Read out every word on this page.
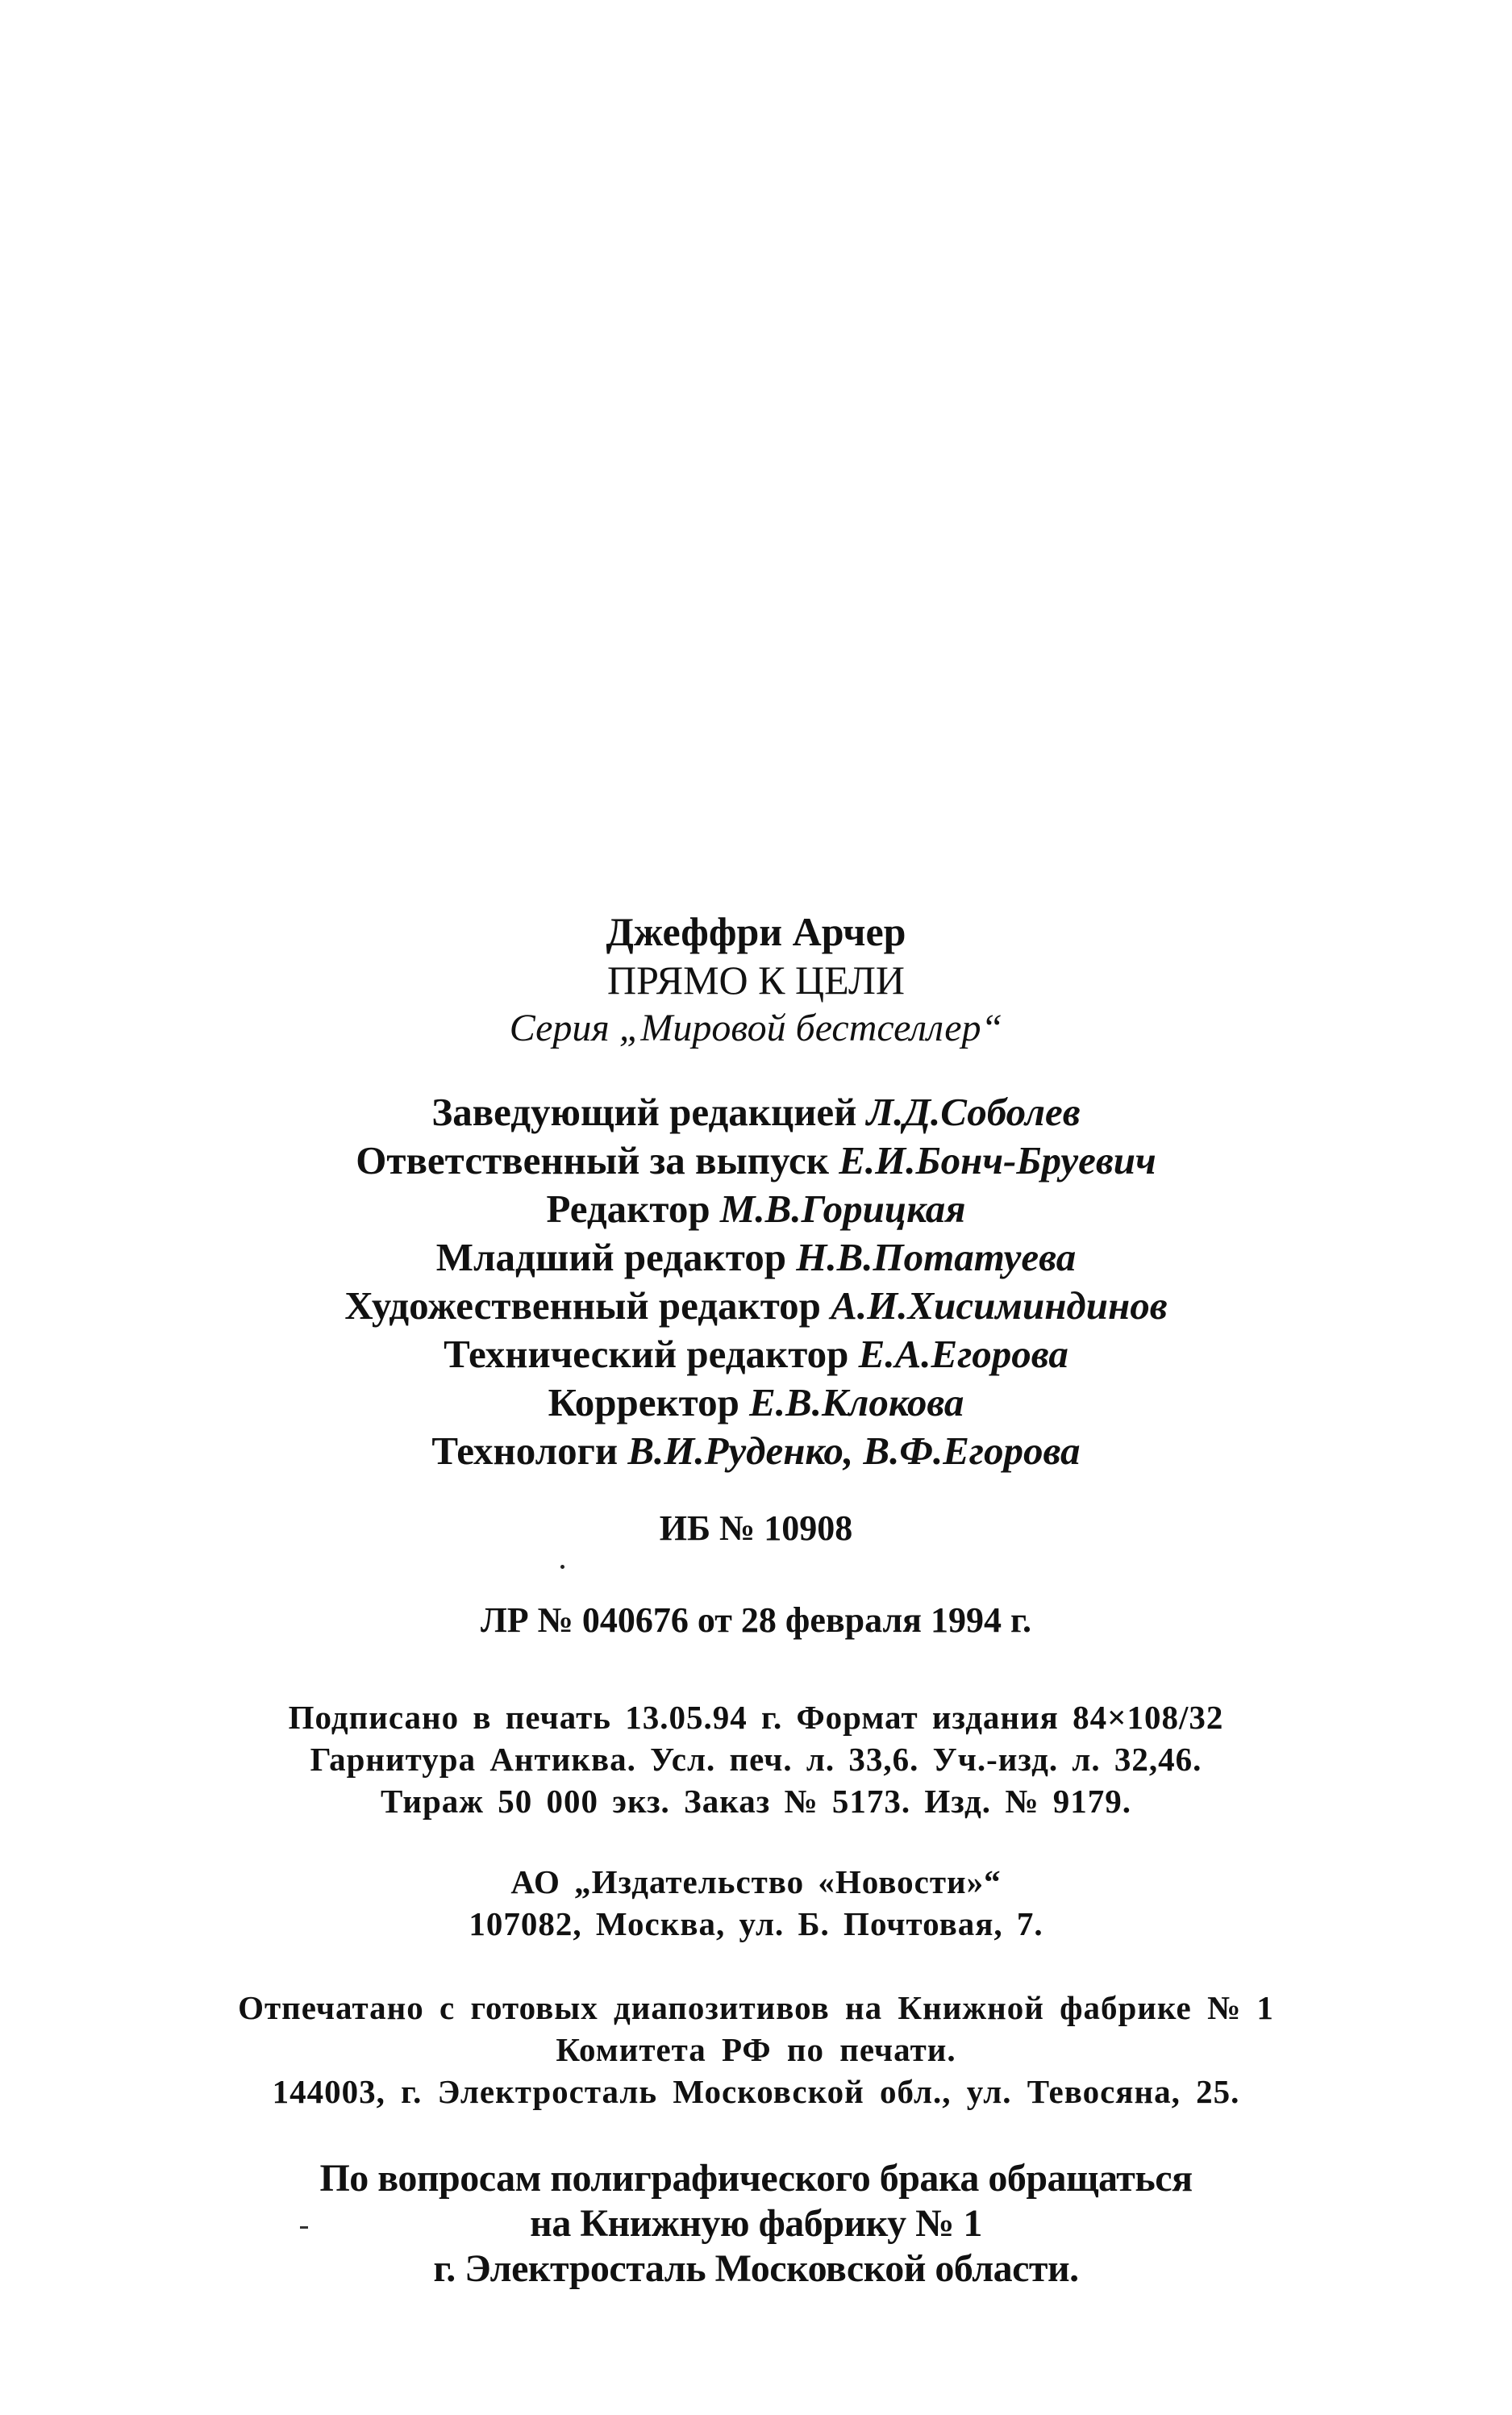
Джеффри Арчер
ПРЯМО К ЦЕЛИ
Серия „Мировой бестселлер“
Заведующий редакцией Л.Д.Соболев
Ответственный за выпуск Е.И.Бонч-Бруевич
Редактор М.В.Горицкая
Младший редактор Н.В.Потатуева
Художественный редактор А.И.Хисиминдинов
Технический редактор Е.А.Егорова
Корректор Е.В.Клокова
Технологи В.И.Руденко, В.Ф.Егорова
ИБ № 10908
ЛР № 040676 от 28 февраля 1994 г.
Подписано в печать 13.05.94 г. Формат издания 84×108/32
Гарнитура Антиква. Усл. печ. л. 33,6. Уч.-изд. л. 32,46.
Тираж 50 000 экз. Заказ № 5173. Изд. № 9179.
АО „Издательство «Новости»“
107082, Москва, ул. Б. Почтовая, 7.
Отпечатано с готовых диапозитивов на Книжной фабрике № 1
Комитета РФ по печати.
144003, г. Электросталь Московской обл., ул. Тевосяна, 25.
По вопросам полиграфического брака обращаться
на Книжную фабрику № 1
г. Электросталь Московской области.
